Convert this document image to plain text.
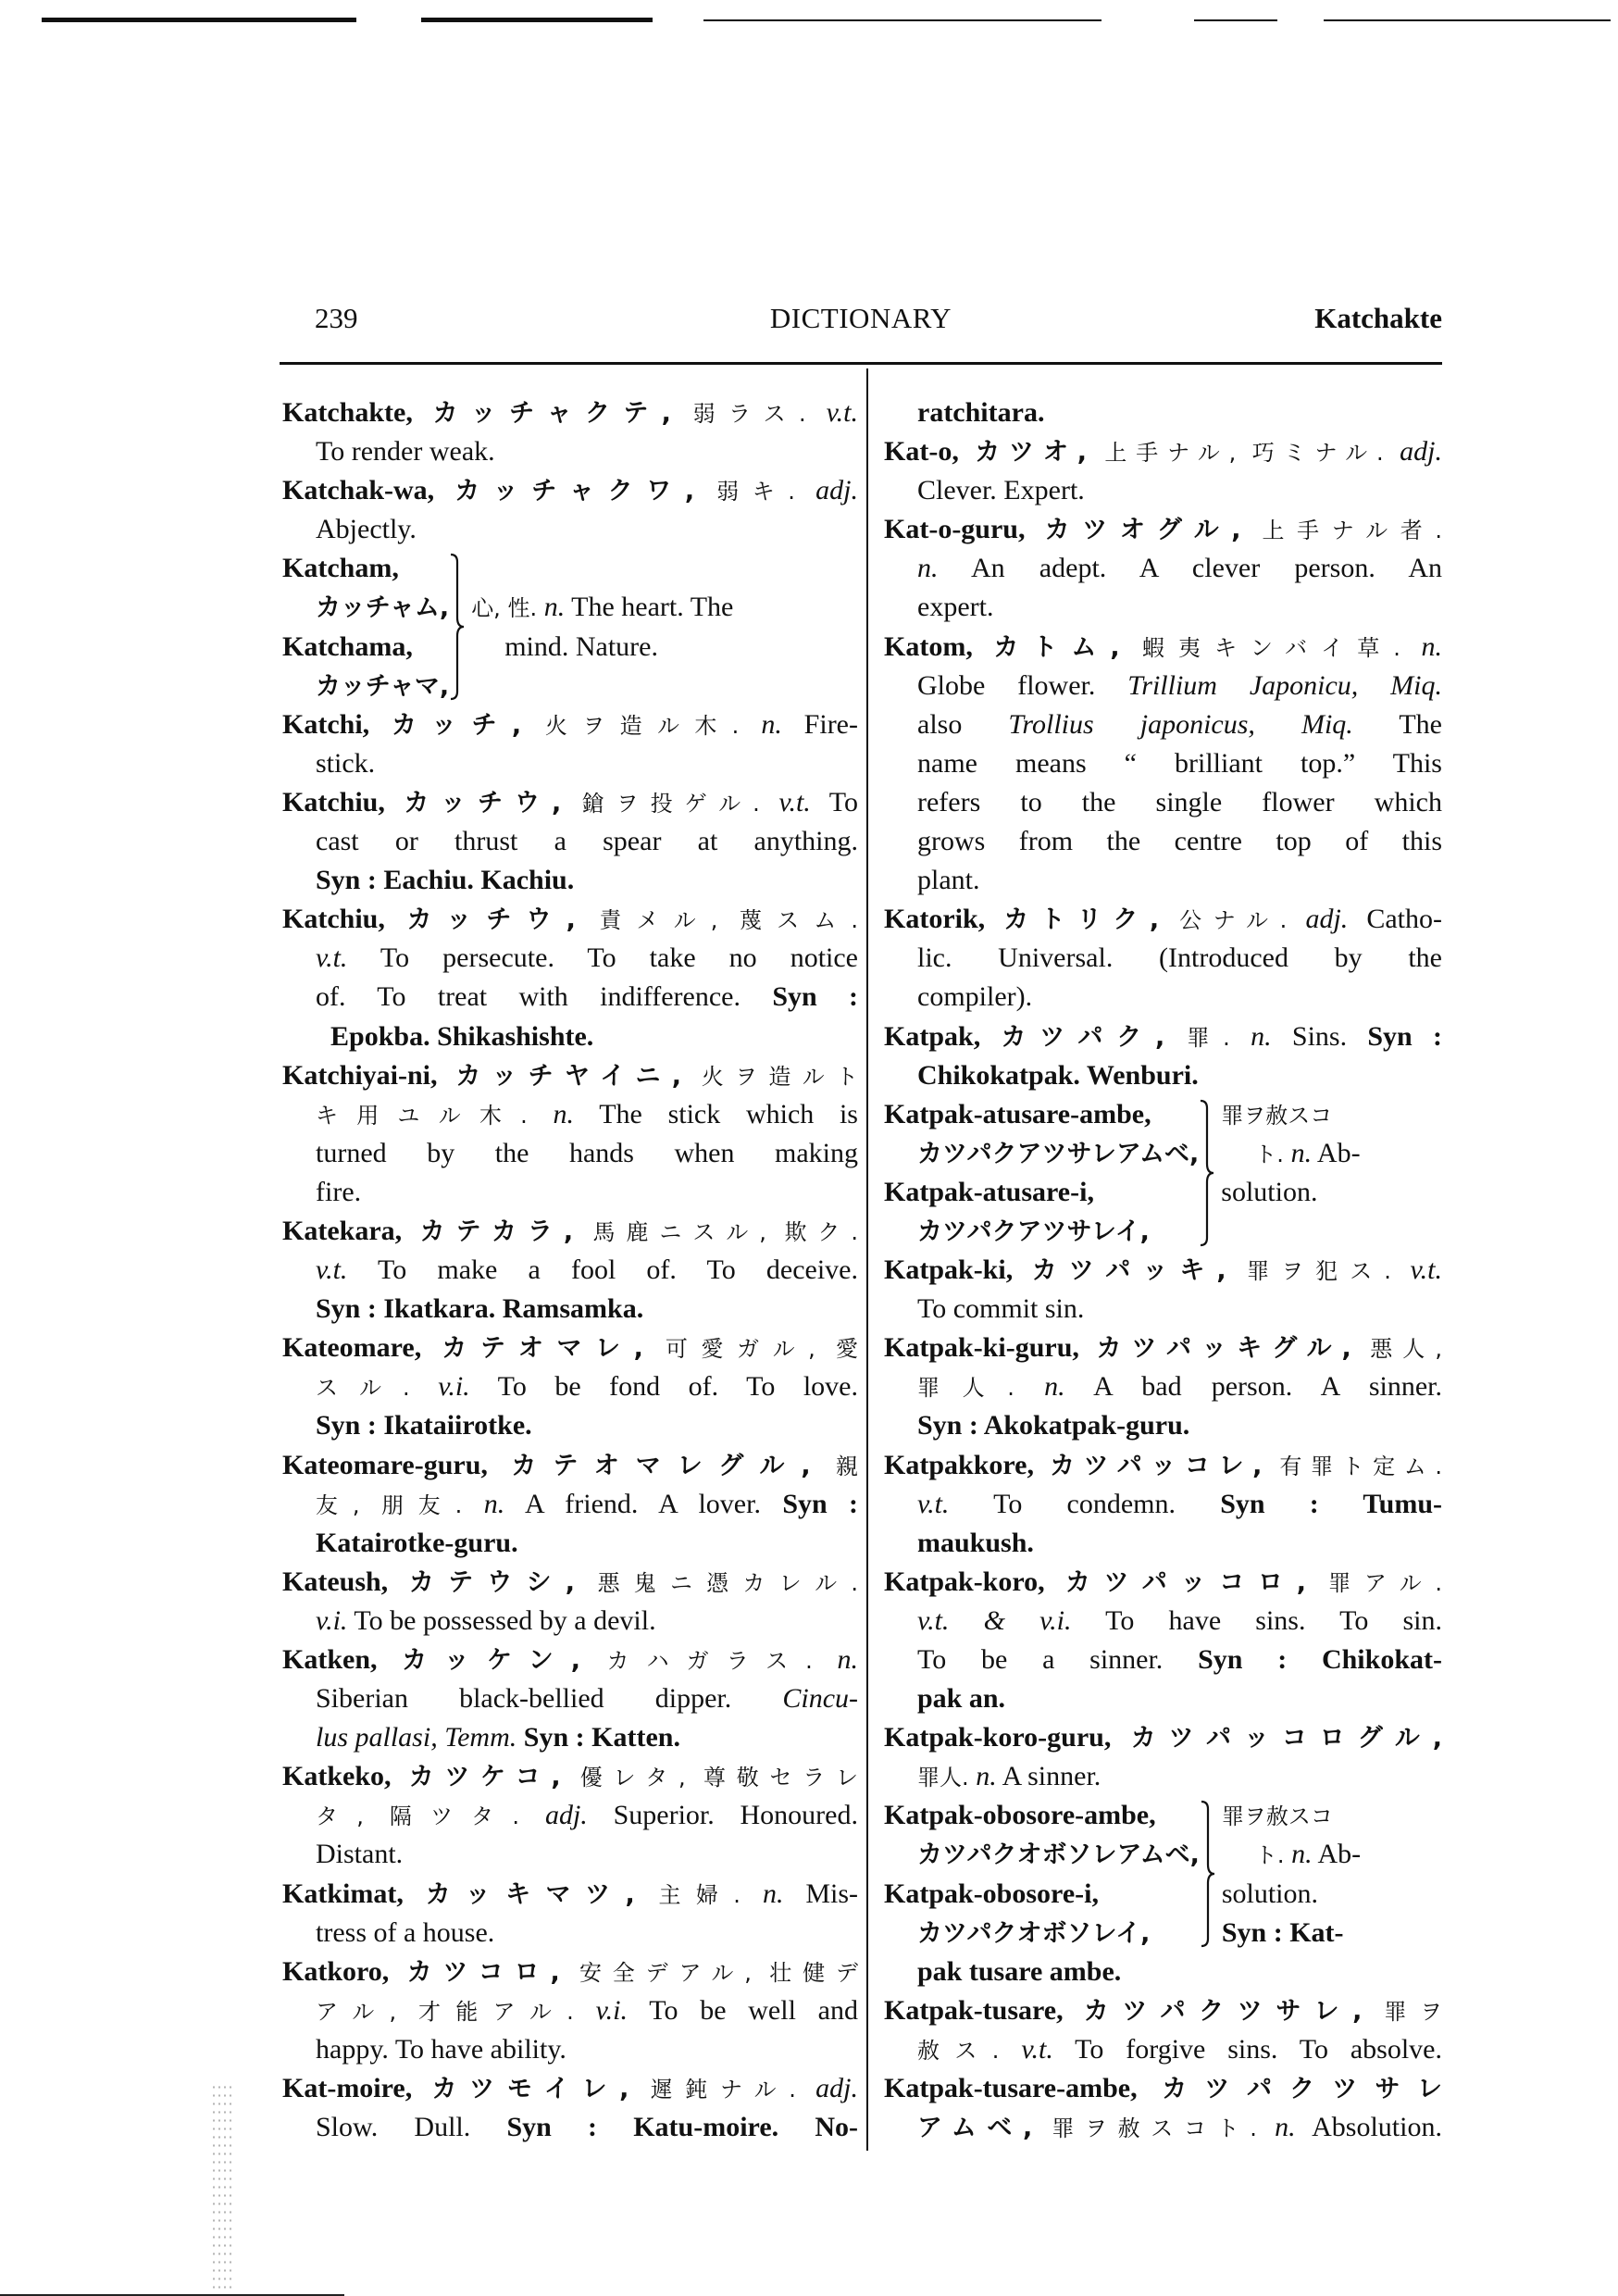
239	DICTIONARY	Katchakte
Katchakte, カッチャクテ, 弱ラス. v.t.
To render weak.
Katchak-wa, カッチャクワ, 弱キ. adj.
Abjectly.
Katcham,
カッチャム,
Katchama,
カッチャマ,

心, 性. n. The heart. The
mind. Nature.

Katchi, カッチ, 火ヲ造ル木. n. Fire-
stick.
Katchiu, カッチウ, 鎗ヲ投ゲル. v.t. To
cast or thrust a spear at anything.
Syn : Eachiu. Kachiu.
Katchiu, カッチウ, 責メル, 蔑スム.
v.t. To persecute. To take no notice
of. To treat with indifference. Syn :
Epokba. Shikashishte.
Katchiyai-ni, カッチヤイニ, 火ヲ造ルト
キ用ユル木. n. The stick which is
turned by the hands when making
fire.
Katekara, カテカラ, 馬鹿ニスル, 欺ク.
v.t. To make a fool of. To deceive.
Syn : Ikatkara. Ramsamka.
Kateomare, カテオマレ, 可愛ガル, 愛
スル. v.i. To be fond of. To love.
Syn : Ikataiirotke.
Kateomare-guru, カテオマレグル, 親
友, 朋友. n. A friend. A lover. Syn :
Katairotke-guru.
Kateush, カテウシ, 悪鬼ニ憑カレル.
v.i. To be possessed by a devil.
Katken, カッケン, カハガラス. n.
Siberian black-bellied dipper. Cincu-
lus pallasi, Temm. Syn : Katten.
Katkeko, カツケコ, 優レタ, 尊敬セラレ
タ, 隔ツタ. adj. Superior. Honoured.
Distant.
Katkimat, カッキマツ, 主婦. n. Mis-
tress of a house.
Katkoro, カツコロ, 安全デアル, 壮健デ
アル, 才能アル. v.i. To be well and
happy. To have ability.
Kat-moire, カツモイレ, 遲鈍ナル. adj.
Slow. Dull. Syn : Katu-moire. No-
ratchitara.
Kat-o, カツオ, 上手ナル, 巧ミナル. adj.
Clever. Expert.
Kat-o-guru, カツオグル, 上手ナル者.
n. An adept. A clever person. An
expert.
Katom, カトム, 蝦夷キンバイ草. n.
Globe flower. Trillium Japonicu, Miq.
also Trollius japonicus, Miq. The
name means “ brilliant top.” This
refers to the single flower which
grows from the centre top of this
plant.
Katorik, カトリク, 公ナル. adj. Catho-
lic. Universal. (Introduced by the
compiler).
Katpak, カツパク, 罪. n. Sins. Syn :
Chikokatpak. Wenburi.
Katpak-atusare-ambe,
カツパクアツサレアムベ,
Katpak-atusare-i,
カツパクアツサレイ,
罪ヲ赦スコ
ト. n. Ab-
solution.

Katpak-ki, カツパッキ, 罪ヲ犯ス. v.t.
To commit sin.
Katpak-ki-guru, カツパッキグル, 悪人,
罪人. n. A bad person. A sinner.
Syn : Akokatpak-guru.
Katpakkore, カツパッコレ, 有罪ト定ム.
v.t. To condemn. Syn : Tumu-
maukush.
Katpak-koro, カツパッコロ, 罪アル.
v.t. & v.i. To have sins. To sin.
To be a sinner. Syn : Chikokat-
pak an.
Katpak-koro-guru, カツパッコログル,
罪人. n. A sinner.
Katpak-obosore-ambe,
カツパクオボソレアムベ,
Katpak-obosore-i,
カツパクオボソレイ,
罪ヲ赦スコ
ト. n. Ab-
solution.
Syn : Kat-
pak tusare ambe.
Katpak-tusare, カツパクツサレ, 罪ヲ
赦ス. v.t. To forgive sins. To absolve.
Katpak-tusare-ambe, カツパクツサレ
アムベ, 罪ヲ赦スコト. n. Absolution.
